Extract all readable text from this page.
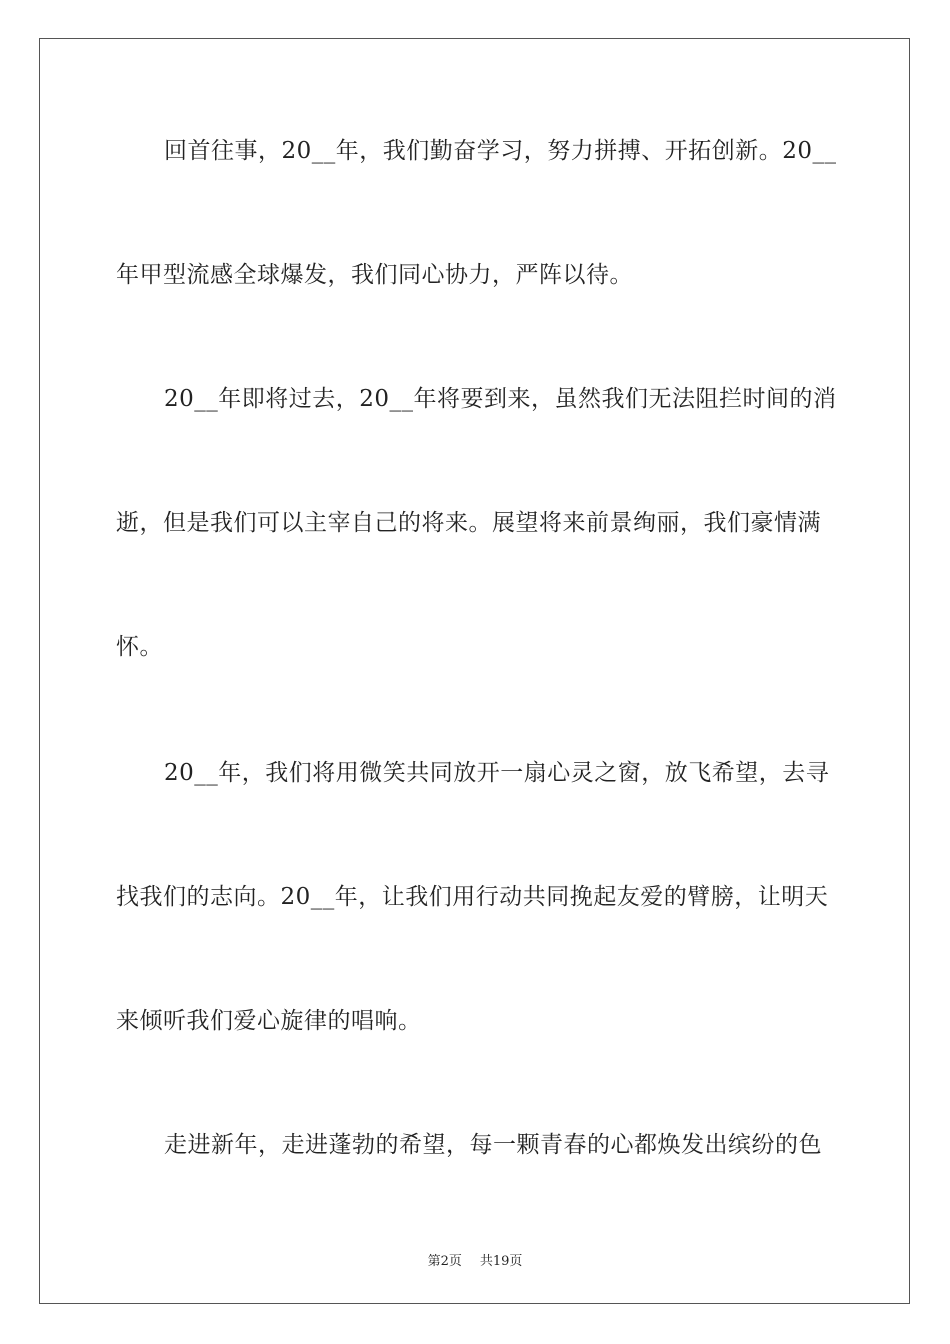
回首往事，20__年，我们勤奋学习，努力拼搏、开拓创新。20__
年甲型流感全球爆发，我们同心协力，严阵以待。
20__年即将过去，20__年将要到来，虽然我们无法阻拦时间的消
逝，但是我们可以主宰自己的将来。展望将来前景绚丽，我们豪情满
怀。
20__年，我们将用微笑共同放开一扇心灵之窗，放飞希望，去寻
找我们的志向。20__年，让我们用行动共同挽起友爱的臂膀，让明天
来倾听我们爱心旋律的唱响。
走进新年，走进蓬勃的希望，每一颗青春的心都焕发出缤纷的色
第2页 共19页
